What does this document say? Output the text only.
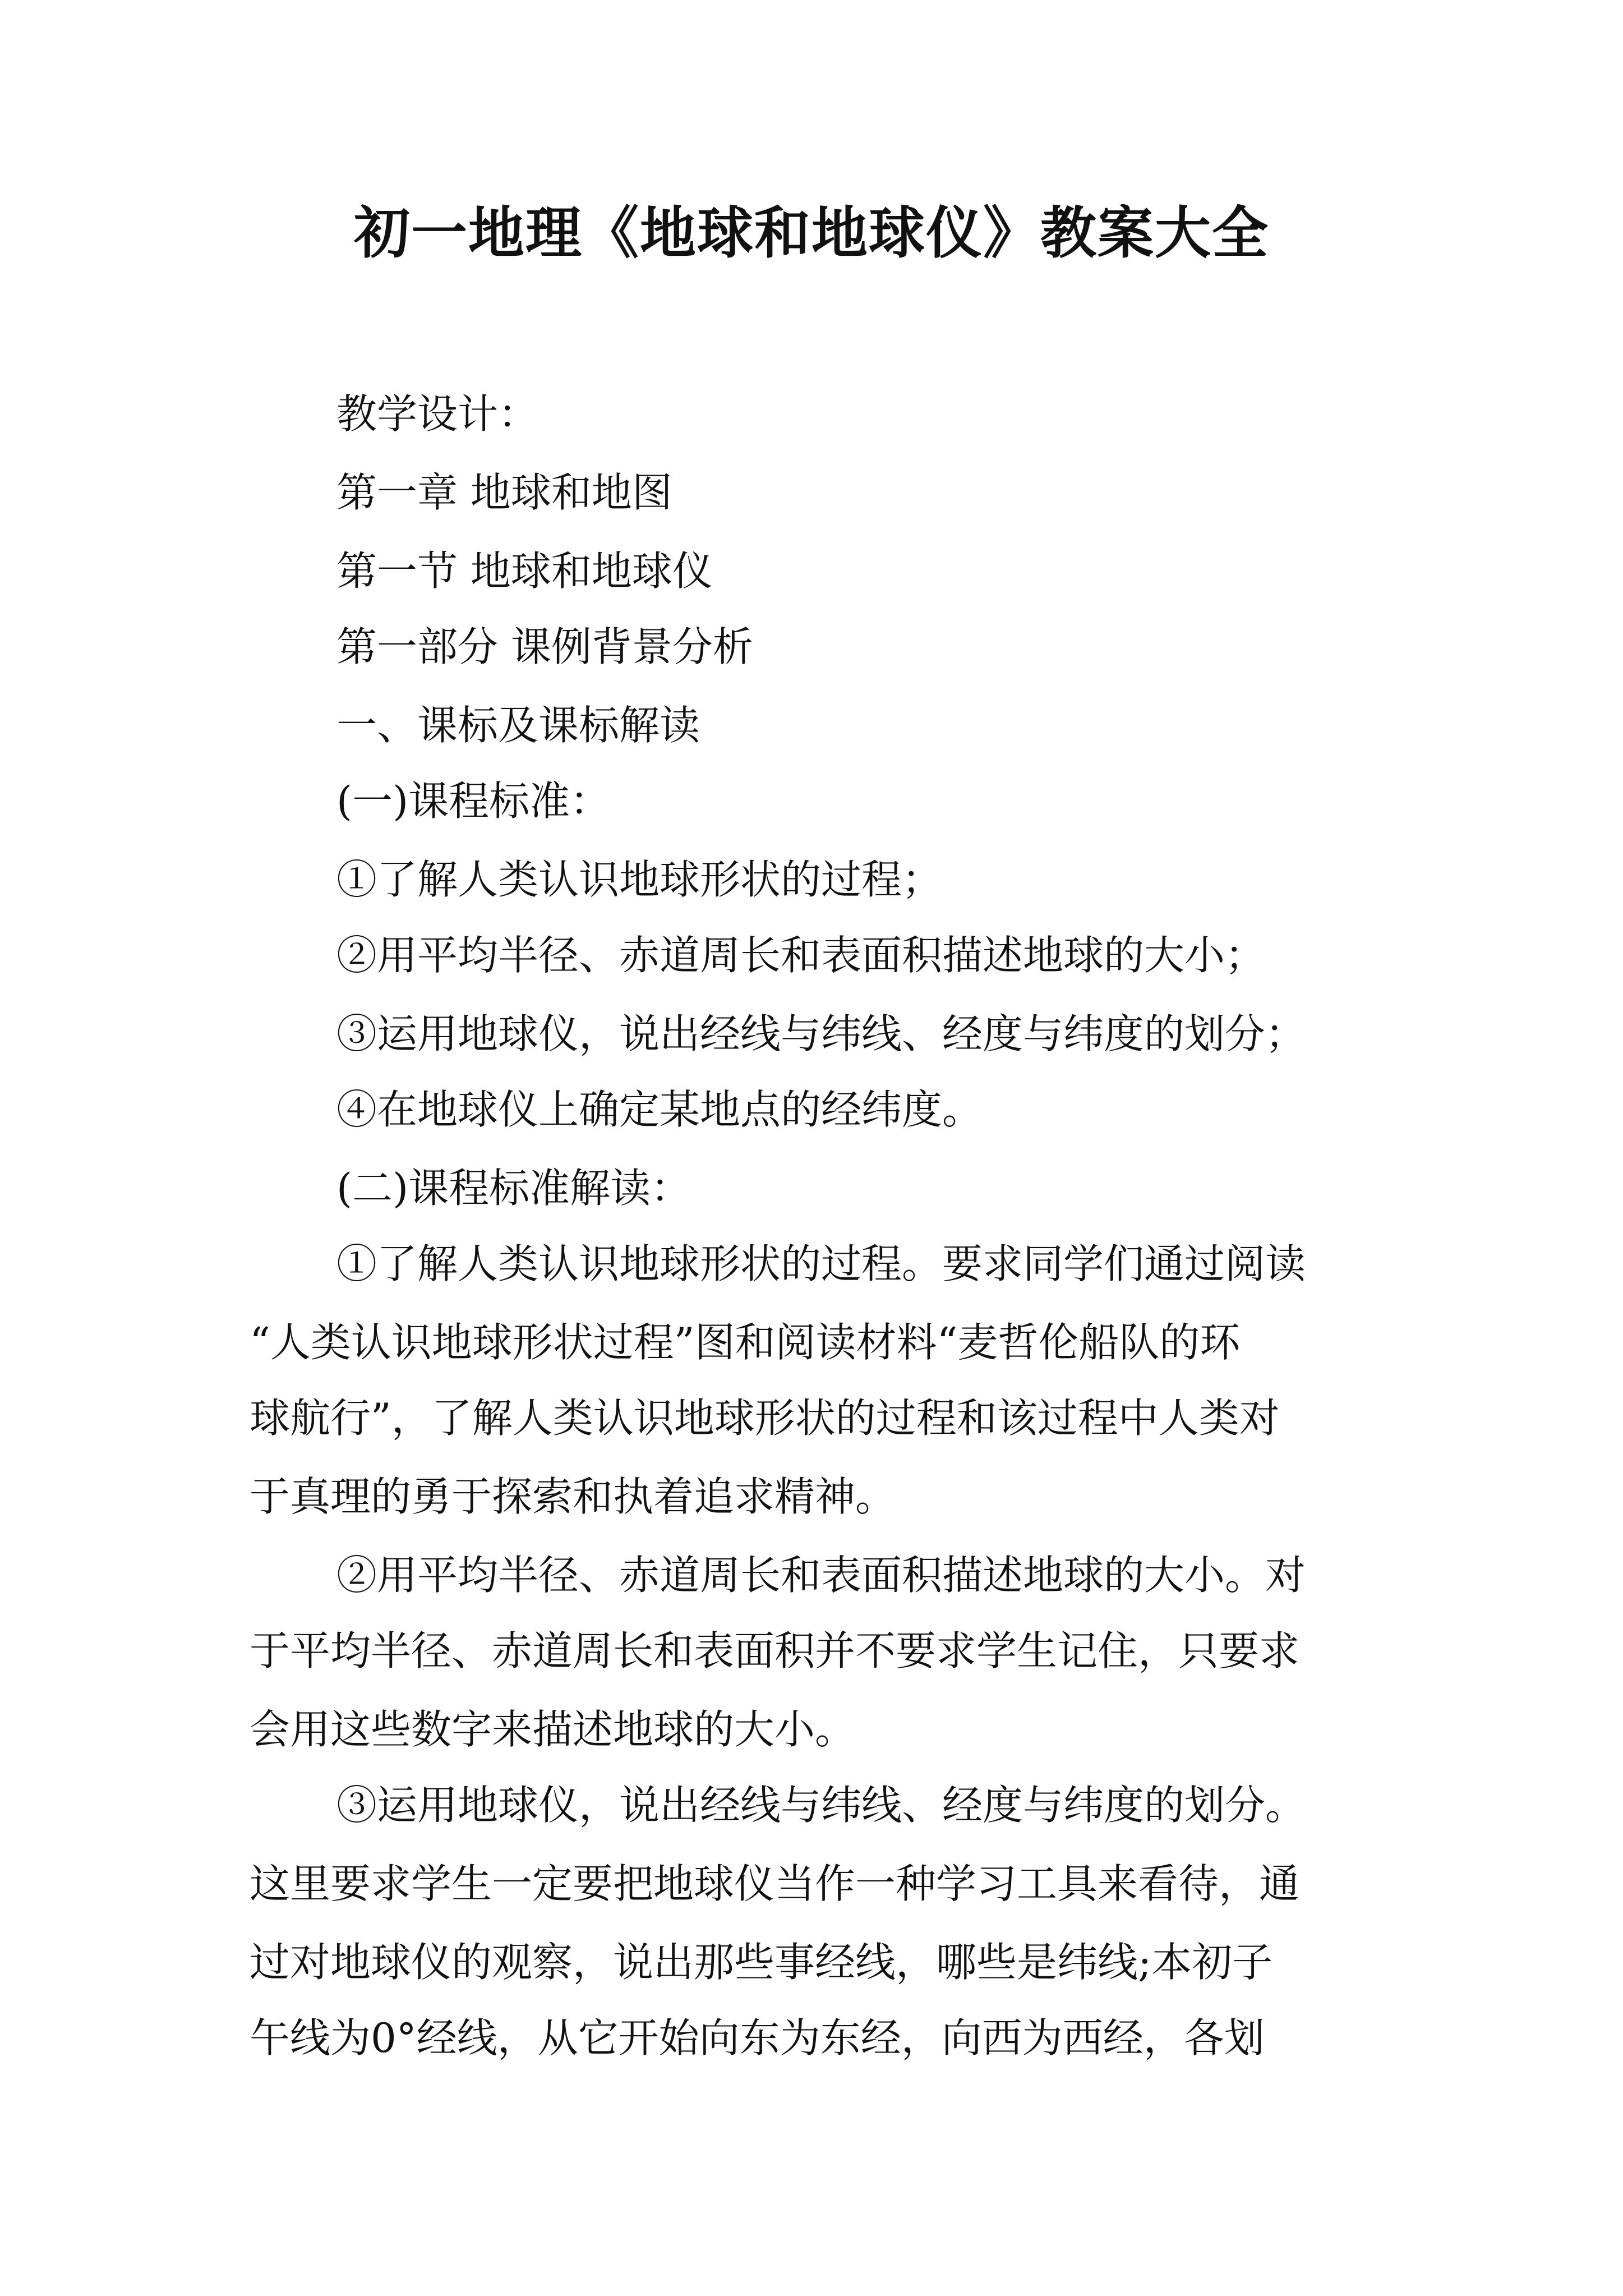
初一地理《地球和地球仪》教案大全
教学设计：
第一章 地球和地图
第一节 地球和地球仪
第一部分 课例背景分析
一、课标及课标解读
(一)课程标准：
①了解人类认识地球形状的过程；
②用平均半径、赤道周长和表面积描述地球的大小；
③运用地球仪，说出经线与纬线、经度与纬度的划分；
④在地球仪上确定某地点的经纬度。
(二)课程标准解读：
①了解人类认识地球形状的过程。要求同学们通过阅读
“人类认识地球形状过程”图和阅读材料“麦哲伦船队的环
球航行”，了解人类认识地球形状的过程和该过程中人类对
于真理的勇于探索和执着追求精神。
②用平均半径、赤道周长和表面积描述地球的大小。对
于平均半径、赤道周长和表面积并不要求学生记住，只要求
会用这些数字来描述地球的大小。
③运用地球仪，说出经线与纬线、经度与纬度的划分。
这里要求学生一定要把地球仪当作一种学习工具来看待，通
过对地球仪的观察，说出那些事经线，哪些是纬线;本初子
午线为0°经线，从它开始向东为东经，向西为西经，各划
